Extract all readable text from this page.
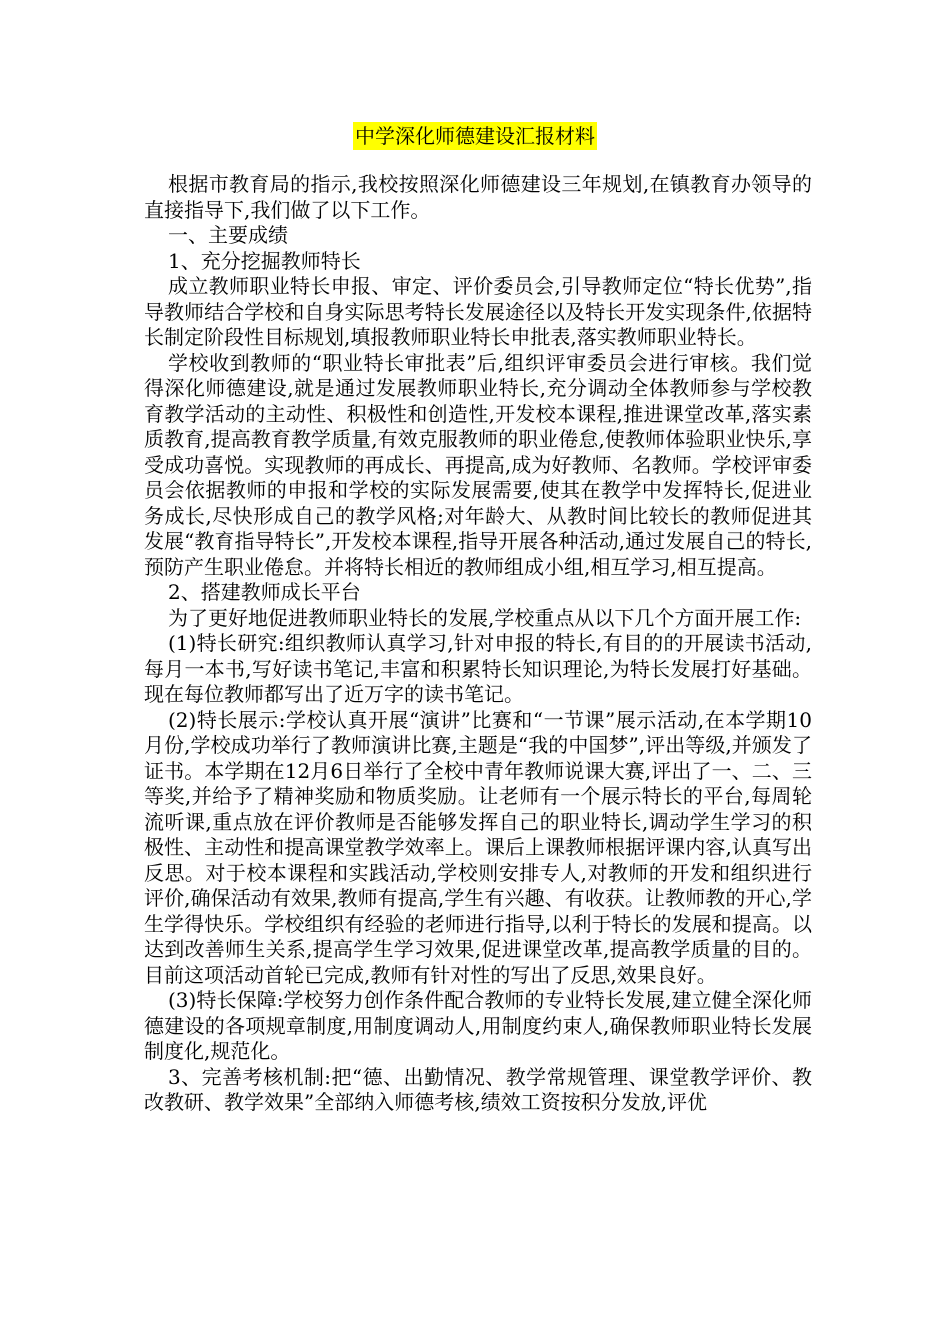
中学深化师德建设汇报材料

根据市教育局的指示,我校按照深化师德建设三年规划,在镇教育办领导的直接指导下,我们做了以下工作。

一、主要成绩

1、充分挖掘教师特长

成立教师职业特长申报、审定、评价委员会,引导教师定位“特长优势”,指导教师结合学校和自身实际思考特长发展途径以及特长开发实现条件,依据特长制定阶段性目标规划,填报教师职业特长申批表,落实教师职业特长。

学校收到教师的“职业特长审批表”后,组织评审委员会进行审核。我们觉得深化师德建设,就是通过发展教师职业特长,充分调动全体教师参与学校教育教学活动的主动性、积极性和创造性,开发校本课程,推进课堂改革,落实素质教育,提高教育教学质量,有效克服教师的职业倦怠,使教师体验职业快乐,享受成功喜悦。实现教师的再成长、再提高,成为好教师、名教师。学校评审委员会依据教师的申报和学校的实际发展需要,使其在教学中发挥特长,促进业务成长,尽快形成自己的教学风格;对年龄大、从教时间比较长的教师促进其发展“教育指导特长”,开发校本课程,指导开展各种活动,通过发展自己的特长,预防产生职业倦怠。并将特长相近的教师组成小组,相互学习,相互提高。

2、搭建教师成长平台

为了更好地促进教师职业特长的发展,学校重点从以下几个方面开展工作:

(1)特长研究:组织教师认真学习,针对申报的特长,有目的的开展读书活动,每月一本书,写好读书笔记,丰富和积累特长知识理论,为特长发展打好基础。现在每位教师都写出了近万字的读书笔记。

(2)特长展示:学校认真开展“演讲”比赛和“一节课”展示活动,在本学期10月份,学校成功举行了教师演讲比赛,主题是“我的中国梦”,评出等级,并颁发了证书。本学期在12月6日举行了全校中青年教师说课大赛,评出了一、二、三等奖,并给予了精神奖励和物质奖励。让老师有一个展示特长的平台,每周轮流听课,重点放在评价教师是否能够发挥自己的职业特长,调动学生学习的积极性、主动性和提高课堂教学效率上。课后上课教师根据评课内容,认真写出反思。对于校本课程和实践活动,学校则安排专人,对教师的开发和组织进行评价,确保活动有效果,教师有提高,学生有兴趣、有收获。让教师教的开心,学生学得快乐。学校组织有经验的老师进行指导,以利于特长的发展和提高。以达到改善师生关系,提高学生学习效果,促进课堂改革,提高教学质量的目的。目前这项活动首轮已完成,教师有针对性的写出了反思,效果良好。

(3)特长保障:学校努力创作条件配合教师的专业特长发展,建立健全深化师德建设的各项规章制度,用制度调动人,用制度约束人,确保教师职业特长发展制度化,规范化。

3、完善考核机制:把“德、出勤情况、教学常规管理、课堂教学评价、教改教研、教学效果”全部纳入师德考核,绩效工资按积分发放,评优
